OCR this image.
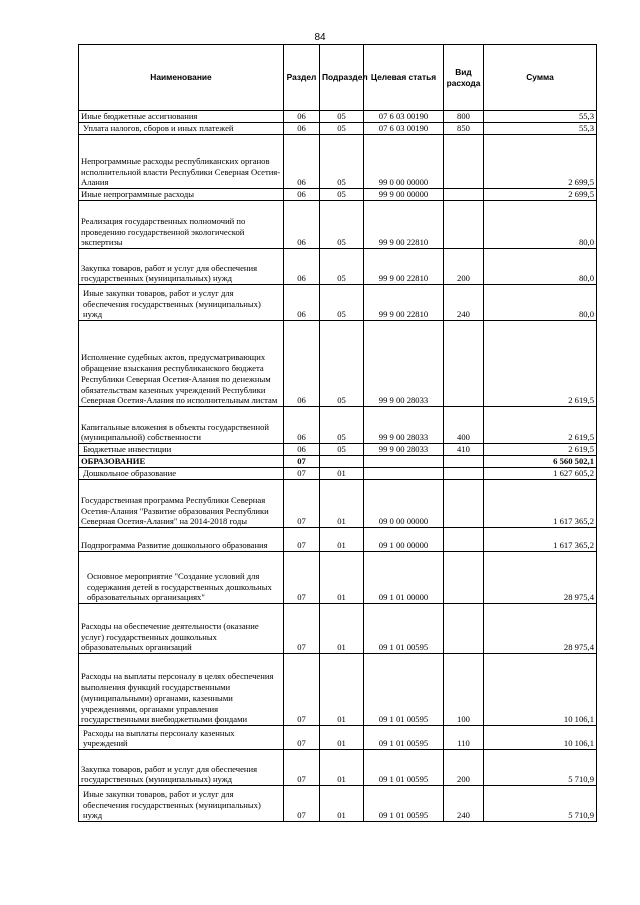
84
Наименование	Раздел	Подраздел	Целевая статья	Вид расхода	Сумма
Иные бюджетные ассигнования	06	05	07 6 03 00190	800	55,3
Уплата налогов, сборов и иных платежей	06	05	07 6 03 00190	850	55,3
Непрограммные расходы республиканских органов исполнительной власти Республики Северная Осетия-Алания	06	05	99 0 00 00000		2 699,5
Иные непрограммные расходы	06	05	99 9 00 00000		2 699,5
Реализация государственных полномочий по проведению государственной экологической экспертизы	06	05	99 9 00 22810		80,0
Закупка товаров, работ и услуг для обеспечения государственных (муниципальных) нужд	06	05	99 9 00 22810	200	80,0
Иные закупки товаров, работ и услуг для обеспечения государственных (муниципальных) нужд	06	05	99 9 00 22810	240	80,0
Исполнение судебных актов, предусматривающих обращение взыскания республиканского бюджета Республики Северная Осетия-Алания по денежным обязательствам казенных учреждений Республики Северная Осетия-Алания по исполнительным листам	06	05	99 9 00 28033		2 619,5
Капитальные вложения в объекты государственной (муниципальной) собственности	06	05	99 9 00 28033	400	2 619,5
Бюджетные инвестиции	06	05	99 9 00 28033	410	2 619,5
ОБРАЗОВАНИЕ	07				6 560 502,1
Дошкольное образование	07	01			1 627 605,2
Государственная программа Республики Северная Осетия-Алания "Развитие образования Республики Северная Осетия-Алания" на 2014-2018 годы	07	01	09 0 00 00000		1 617 365,2
Подпрограмма Развитие дошкольного образования	07	01	09 1 00 00000		1 617 365,2
Основное мероприятие "Создание условий для содержания детей в государственных дошкольных образовательных организациях"	07	01	09 1 01 00000		28 975,4
Расходы на обеспечение деятельности (оказание услуг) государственных дошкольных образовательных организаций	07	01	09 1 01 00595		28 975,4
Расходы на выплаты персоналу в целях обеспечения выполнения функций государственными (муниципальными) органами, казенными учреждениями, органами управления государственными внебюджетными фондами	07	01	09 1 01 00595	100	10 106,1
Расходы на выплаты персоналу казенных учреждений	07	01	09 1 01 00595	110	10 106,1
Закупка товаров, работ и услуг для обеспечения государственных (муниципальных) нужд	07	01	09 1 01 00595	200	5 710,9
Иные закупки товаров, работ и услуг для обеспечения государственных (муниципальных) нужд	07	01	09 1 01 00595	240	5 710,9
